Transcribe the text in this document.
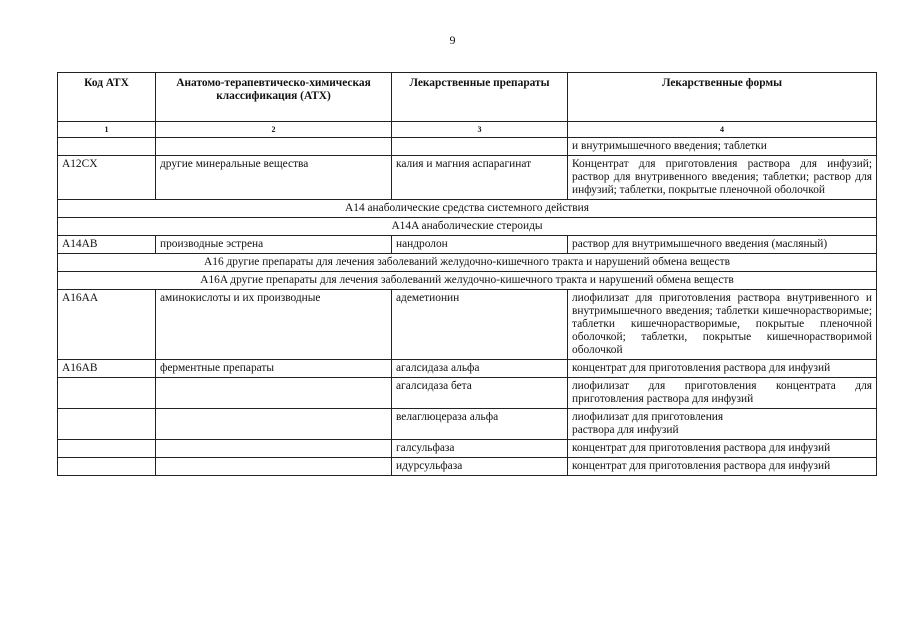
9
Код АТХ	Анатомо-терапевтическо-химическая классификация (АТХ)	Лекарственные препараты	Лекарственные формы
1	2	3	4
			и внутримышечного введения; таблетки
A12CX	другие минеральные вещества	калия и магния аспарагинат	Концентрат для приготовления раствора для инфузий; раствор для внутривенного введения; таблетки; раствор для инфузий; таблетки, покрытые пленочной оболочкой
A14 анаболические средства системного действия			
A14A анаболические стероиды			
A14AB	производные эстрена	нандролон	раствор для внутримышечного введения (масляный)
A16 другие препараты для лечения заболеваний желудочно-кишечного тракта и нарушений обмена веществ			
A16A другие препараты для лечения заболеваний желудочно-кишечного тракта и нарушений обмена веществ			
A16AA	аминокислоты и их производные	адеметионин	лиофилизат для приготовления раствора внутривенного и внутримышечного введения; таблетки кишечнорастворимые; таблетки кишечнорастворимые, покрытые пленочной оболочкой; таблетки, покрытые кишечнорастворимой оболочкой
A16AB	ферментные препараты	агалсидаза альфа	концентрат для приготовления раствора для инфузий
		агалсидаза бета	лиофилизат для приготовления концентрата для приготовления раствора для инфузий
		велаглюцераза альфа	лиофилизат для приготовления
раствора для инфузий

		галсульфаза	концентрат для приготовления раствора для инфузий
		идурсульфаза	концентрат для приготовления раствора для инфузий
